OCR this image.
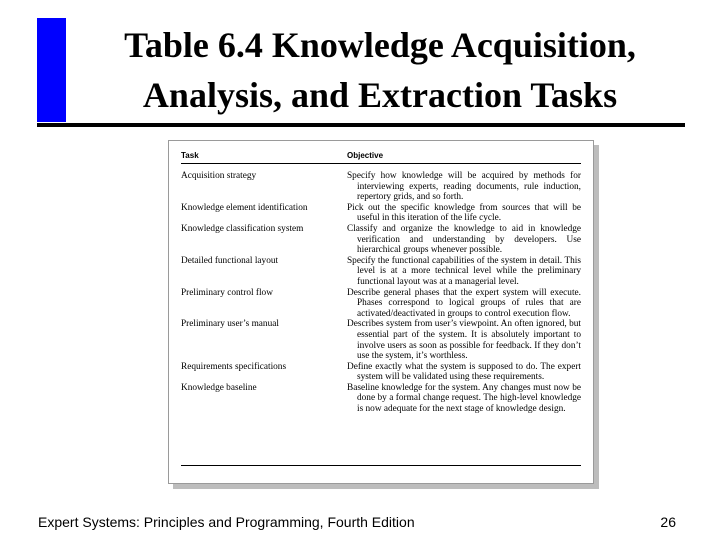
Table 6.4 Knowledge Acquisition,
Analysis, and Extraction Tasks
Task	Objective
Acquisition strategy	Specify how knowledge will be acquired by methods for interviewing experts, reading documents, rule induction, repertory grids, and so forth.
Knowledge element identification	Pick out the specific knowledge from sources that will be useful in this iteration of the life cycle.
Knowledge classification system	Classify and organize the knowledge to aid in knowledge verification and understanding by developers. Use hierarchical groups whenever possible.
Detailed functional layout	Specify the functional capabilities of the system in detail. This level is at a more technical level while the preliminary functional layout was at a managerial level.
Preliminary control flow	Describe general phases that the expert system will execute. Phases correspond to logical groups of rules that are activated/deactivated in groups to control execution flow.
Preliminary user’s manual	Describes system from user’s viewpoint. An often ignored, but essential part of the system. It is absolutely important to involve users as soon as possible for feedback. If they don’t use the system, it’s worthless.
Requirements specifications	Define exactly what the system is supposed to do. The expert system will be validated using these requirements.
Knowledge baseline	Baseline knowledge for the system. Any changes must now be done by a formal change request. The high-level knowledge is now adequate for the next stage of knowledge design.
Expert Systems: Principles and Programming, Fourth Edition	26
